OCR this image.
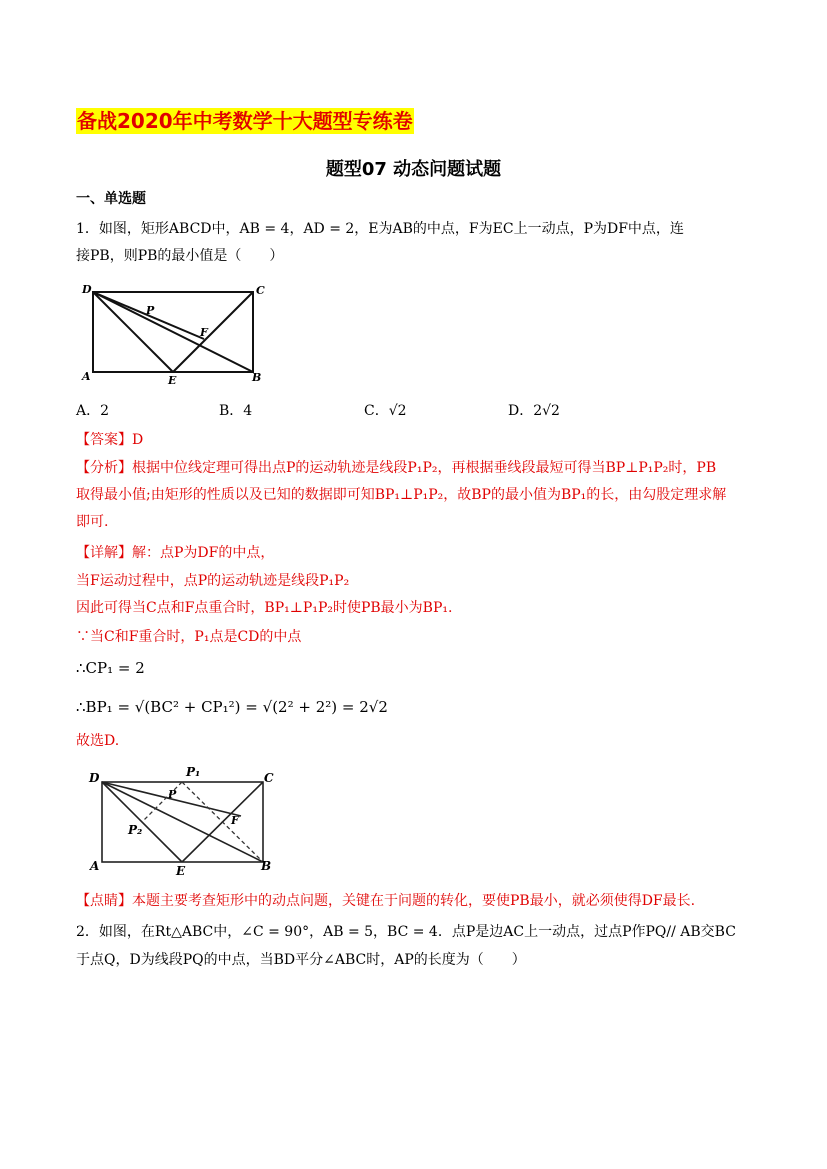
备战2020年中考数学十大题型专练卷
题型07 动态问题试题
一、单选题
1．如图，矩形ABCD中，AB = 4，AD = 2，E为AB的中点，F为EC上一动点，P为DF中点，连
接PB，则PB的最小值是（　　）
D	C
P
F
A	E	B
A．2	B．4	C．√2	D．2√2
【答案】D
【分析】根据中位线定理可得出点P的运动轨迹是线段P₁P₂，再根据垂线段最短可得当BP⊥P₁P₂时，PB
取得最小值;由矩形的性质以及已知的数据即可知BP₁⊥P₁P₂，故BP的最小值为BP₁的长，由勾股定理求解
即可.
【详解】解：点P为DF的中点，
当F运动过程中，点P的运动轨迹是线段P₁P₂
因此可得当C点和F点重合时，BP₁⊥P₁P₂时使PB最小为BP₁.
∵当C和F重合时，P₁点是CD的中点
∴CP₁ = 2
∴BP₁ = √(BC² + CP₁²) = √(2² + 2²) = 2√2
故选D.
D	P₁	C
P
F
P₂
A	E	B
【点睛】本题主要考查矩形中的动点问题，关键在于问题的转化，要使PB最小，就必须使得DF最长.
2．如图，在Rt△ABC中，∠C = 90°，AB = 5，BC = 4．点P是边AC上一动点，过点P作PQ// AB交BC
于点Q，D为线段PQ的中点，当BD平分∠ABC时，AP的长度为（　　）
